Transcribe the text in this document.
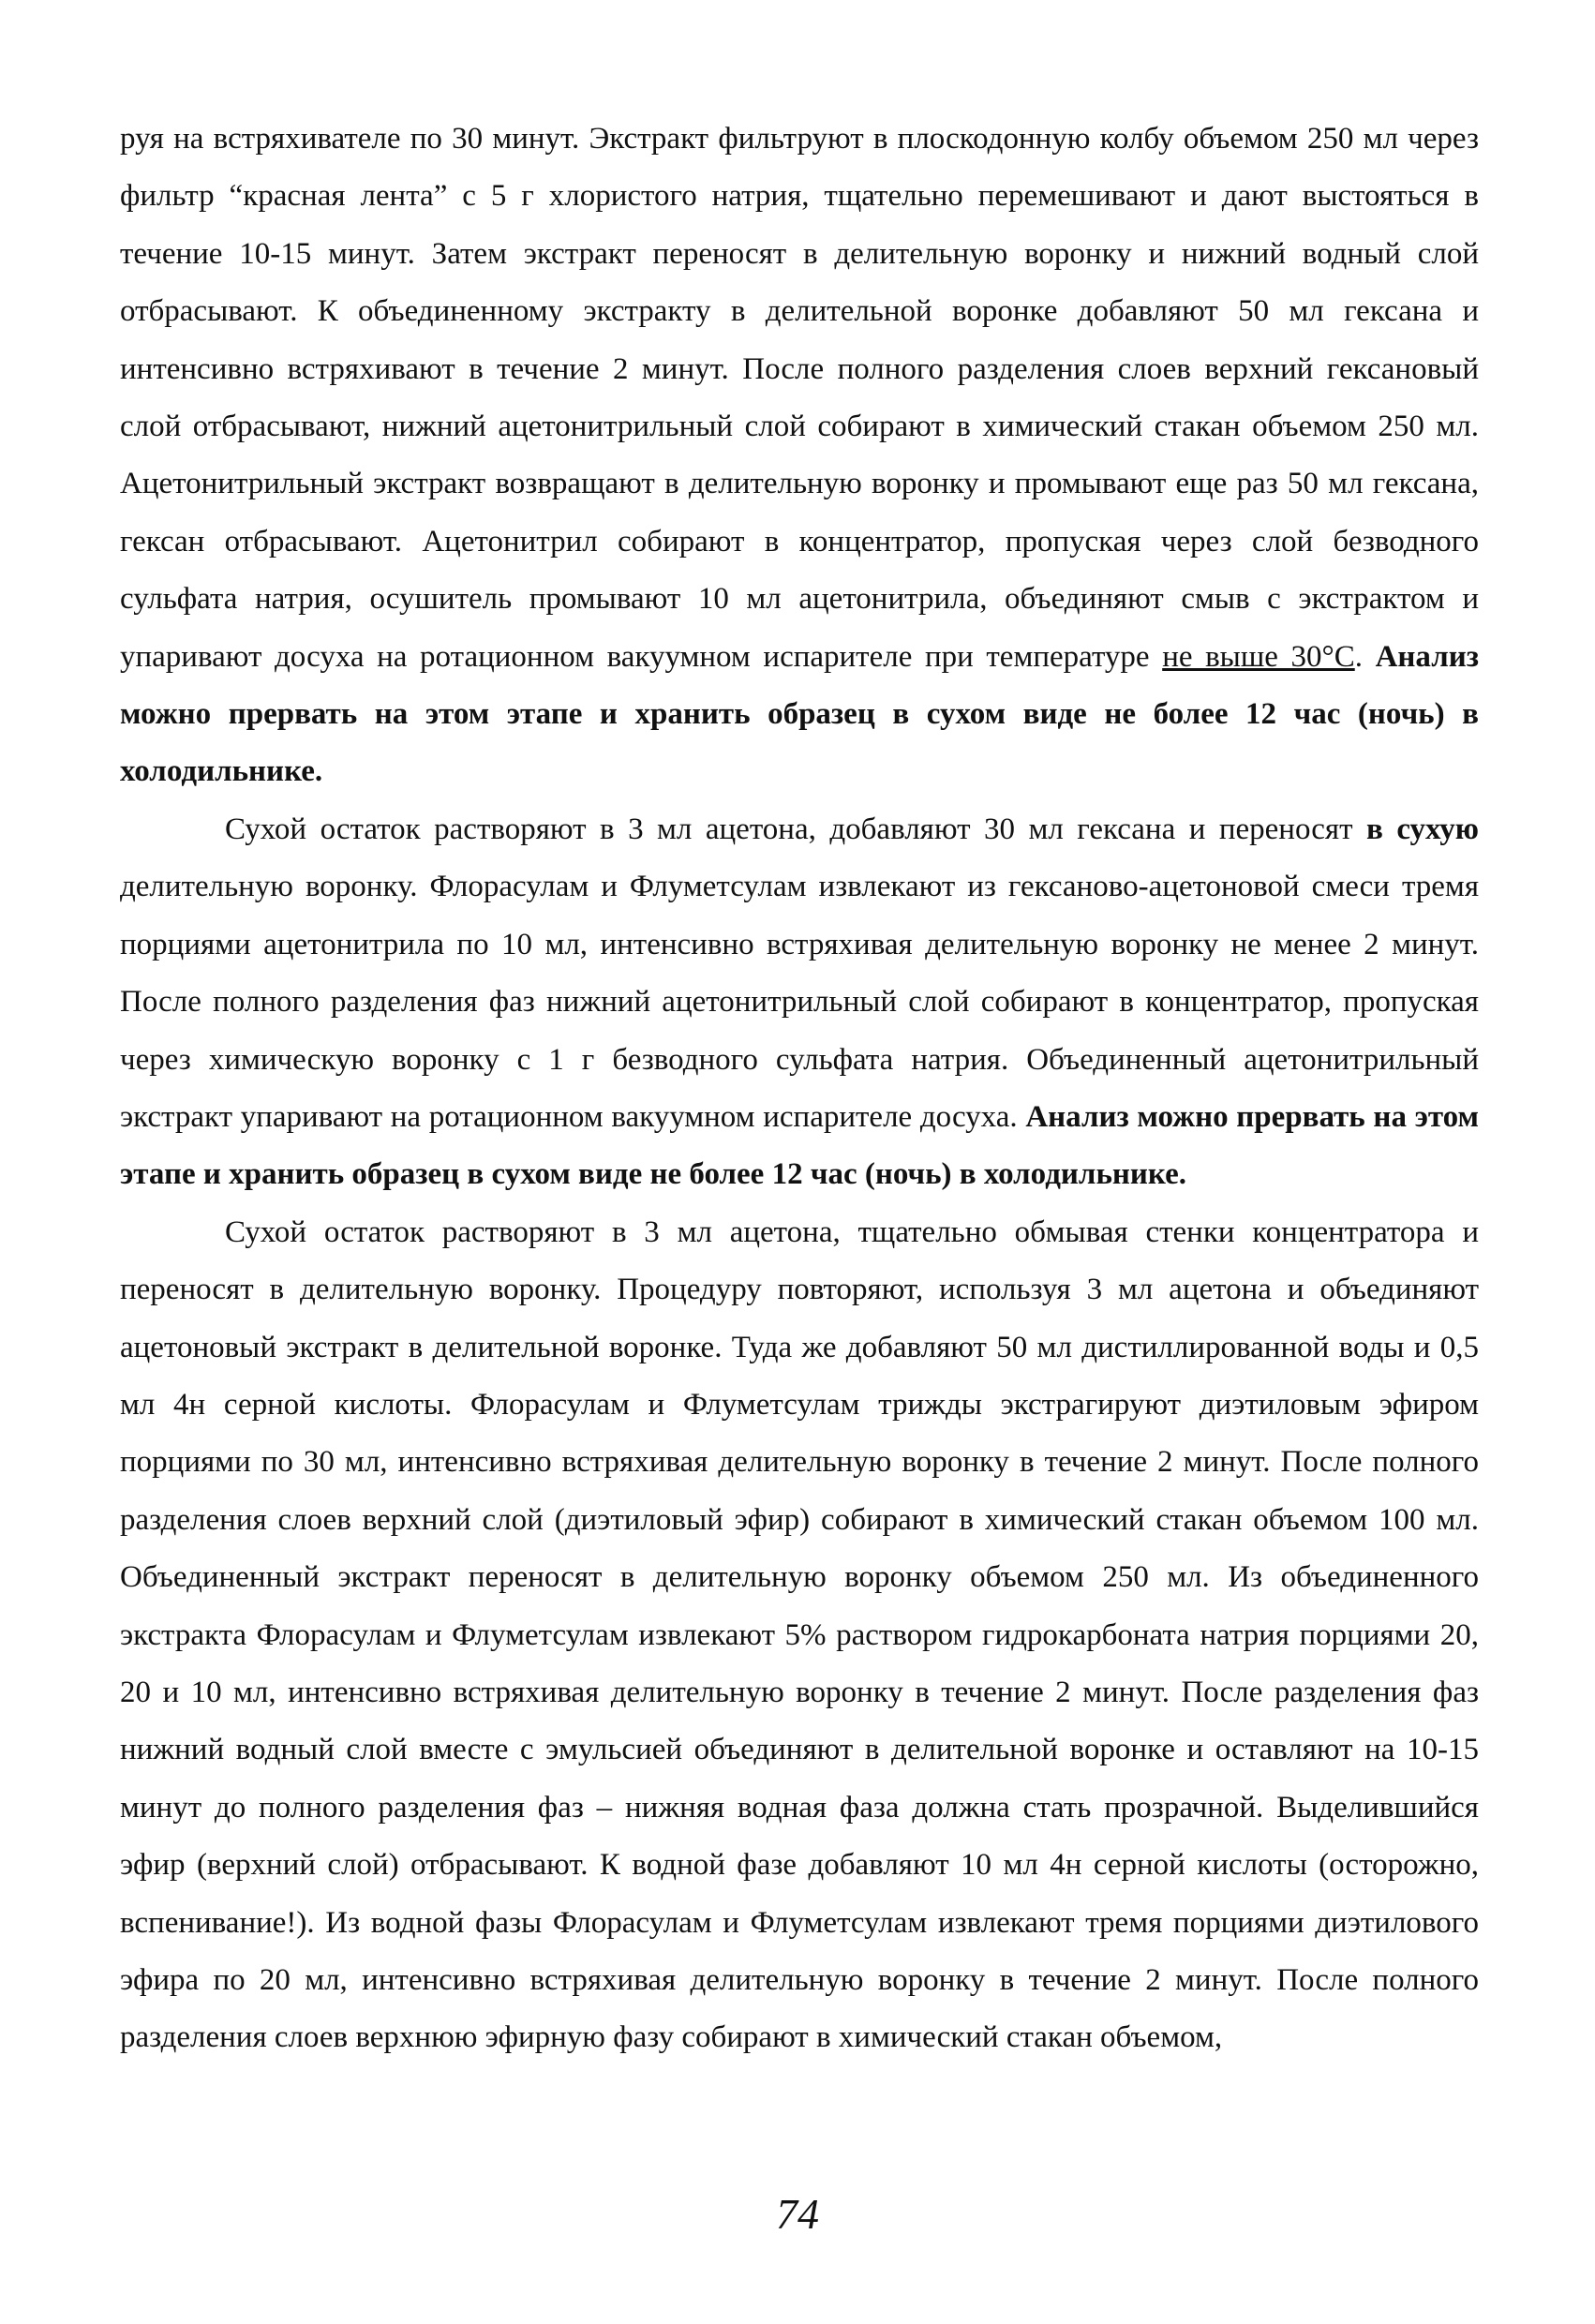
руя на встряхивателе по 30 минут. Экстракт фильтруют в плоскодонную колбу объемом 250 мл через фильтр “красная лента” с 5 г хлористого натрия, тщательно перемешивают и дают выстояться в течение 10-15 минут. Затем экстракт переносят в делительную воронку и нижний водный слой отбрасывают. К объединенному экстракту в делительной воронке добавляют 50 мл гексана и интенсивно встряхивают в течение 2 минут. После полного разделения слоев верхний гексановый слой отбрасывают, нижний ацетонитрильный слой собирают в химический стакан объемом 250 мл. Ацетонитрильный экстракт возвращают в делительную воронку и промывают еще раз 50 мл гексана, гексан отбрасывают. Ацетонитрил собирают в концентратор, пропуская через слой безводного сульфата натрия, осушитель промывают 10 мл ацетонитрила, объединяют смыв с экстрактом и упаривают досуха на ротационном вакуумном испарителе при температуре не выше 30°С. Анализ можно прервать на этом этапе и хранить образец в сухом виде не более 12 час (ночь) в холодильнике.

Сухой остаток растворяют в 3 мл ацетона, добавляют 30 мл гексана и переносят в сухую делительную воронку. Флорасулам и Флуметсулам извлекают из гексаново-ацетоновой смеси тремя порциями ацетонитрила по 10 мл, интенсивно встряхивая делительную воронку не менее 2 минут. После полного разделения фаз нижний ацетонитрильный слой собирают в концентратор, пропуская через химическую воронку с 1 г безводного сульфата натрия. Объединенный ацетонитрильный экстракт упаривают на ротационном вакуумном испарителе досуха. Анализ можно прервать на этом этапе и хранить образец в сухом виде не более 12 час (ночь) в холодильнике.

Сухой остаток растворяют в 3 мл ацетона, тщательно обмывая стенки концентратора и переносят в делительную воронку. Процедуру повторяют, используя 3 мл ацетона и объединяют ацетоновый экстракт в делительной воронке. Туда же добавляют 50 мл дистиллированной воды и 0,5 мл 4н серной кислоты. Флорасулам и Флуметсулам трижды экстрагируют диэтиловым эфиром порциями по 30 мл, интенсивно встряхивая делительную воронку в течение 2 минут. После полного разделения слоев верхний слой (диэтиловый эфир) собирают в химический стакан объемом 100 мл. Объединенный экстракт переносят в делительную воронку объемом 250 мл. Из объединенного экстракта Флорасулам и Флуметсулам извлекают 5% раствором гидрокарбоната натрия порциями 20, 20 и 10 мл, интенсивно встряхивая делительную воронку в течение 2 минут. После разделения фаз нижний водный слой вместе с эмульсией объединяют в делительной воронке и оставляют на 10-15 минут до полного разделения фаз – нижняя водная фаза должна стать прозрачной. Выделившийся эфир (верхний слой) отбрасывают. К водной фазе добавляют 10 мл 4н серной кислоты (осторожно, вспенивание!). Из водной фазы Флорасулам и Флуметсулам извлекают тремя порциями диэтилового эфира по 20 мл, интенсивно встряхивая делительную воронку в течение 2 минут. После полного разделения слоев верхнюю эфирную фазу собирают в химический стакан объемом,

74
